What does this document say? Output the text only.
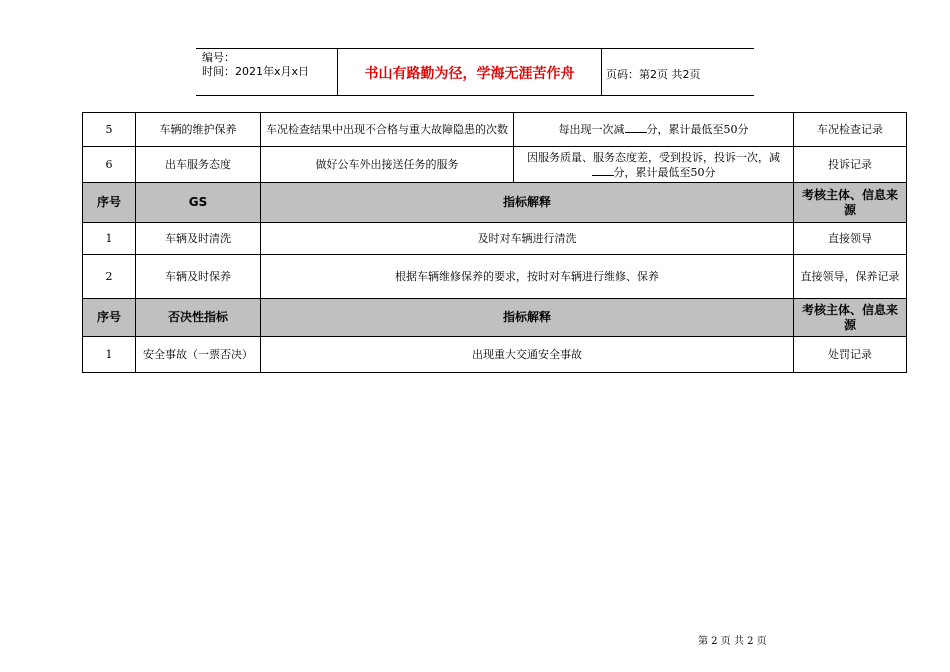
编号：
时间：2021年x月x日	书山有路勤为径，学海无涯苦作舟	页码：第2页 共2页
5	车辆的维护保养	车况检查结果中出现不合格与重大故障隐患的次数	每出现一次减 分，累计最低至50分	车况检查记录
6	出车服务态度	做好公车外出接送任务的服务	因服务质量、服务态度差，受到投诉，投诉一次，减分，累计最低至50分	投诉记录
序号	GS	指标解释		考核主体、信息来源
1	车辆及时清洗	及时对车辆进行清洗		直接领导
2	车辆及时保养	根据车辆维修保养的要求，按时对车辆进行维修、保养		直接领导，保养记录
序号	否决性指标	指标解释		考核主体、信息来源
1	安全事故（一票否决）	出现重大交通安全事故		处罚记录
第 2 页 共 2 页
